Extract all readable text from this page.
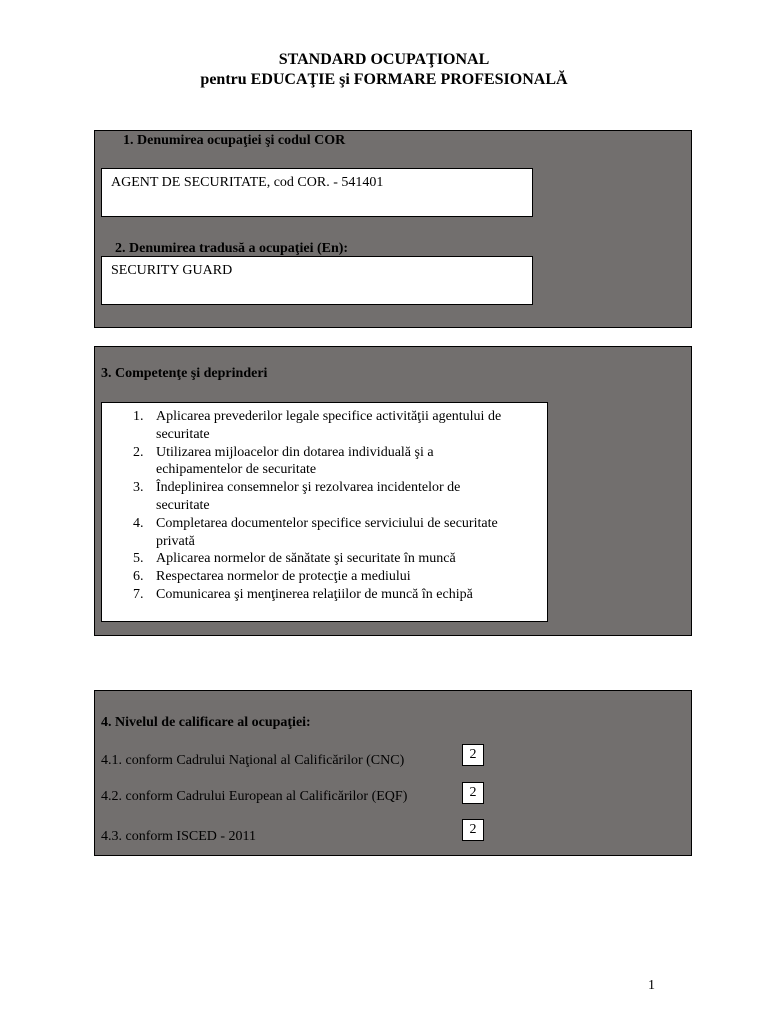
STANDARD OCUPAŢIONAL
pentru EDUCAŢIE şi FORMARE PROFESIONALĂ
1. Denumirea ocupaţiei şi codul COR
AGENT DE SECURITATE, cod COR. - 541401
2. Denumirea tradusă a ocupaţiei (En):
SECURITY GUARD
3. Competenţe şi deprinderi
1. Aplicarea prevederilor legale specifice activităţii agentului de
securitate
2. Utilizarea mijloacelor din dotarea individuală şi a
echipamentelor de securitate
3. Îndeplinirea consemnelor şi rezolvarea incidentelor de
securitate
4. Completarea documentelor specifice serviciului de securitate
privată
5. Aplicarea normelor de sănătate şi securitate în muncă
6. Respectarea normelor de protecţie a mediului
7. Comunicarea şi menţinerea relaţiilor de muncă în echipă
4. Nivelul de calificare al ocupaţiei:
4.1. conform Cadrului Naţional al Calificărilor (CNC)	2
4.2. conform Cadrului European al Calificărilor (EQF)	2
4.3. conform ISCED - 2011	2
1
